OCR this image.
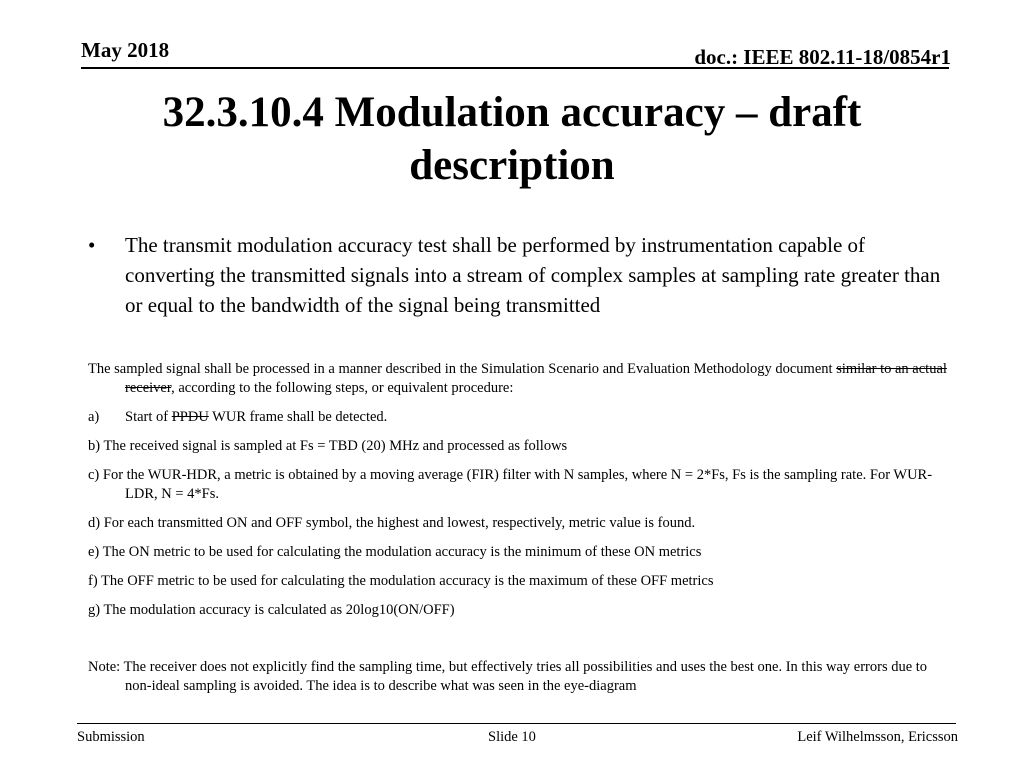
May 2018	doc.: IEEE 802.11-18/0854r1
32.3.10.4 Modulation accuracy – draft
description
• The transmit modulation accuracy test shall be performed by instrumentation capable of converting the transmitted signals into a stream of complex samples at sampling rate greater than or equal to the bandwidth of the signal being transmitted

The sampled signal shall be processed in a manner described in the Simulation Scenario and Evaluation Methodology document similar to an actual receiver, according to the following steps, or equivalent procedure:

a) Start of PPDU WUR frame shall be detected.

b) The received signal is sampled at Fs = TBD (20) MHz and processed as follows

c) For the WUR-HDR, a metric is obtained by a moving average (FIR) filter with N samples, where N = 2*Fs, Fs is the sampling rate. For WUR-LDR, N = 4*Fs.

d) For each transmitted ON and OFF symbol, the highest and lowest, respectively, metric value is found.

e) The ON metric to be used for calculating the modulation accuracy is the minimum of these ON metrics

f) The OFF metric to be used for calculating the modulation accuracy is the maximum of these OFF metrics

g) The modulation accuracy is calculated as 20log10(ON/OFF)

Note: The receiver does not explicitly find the sampling time, but effectively tries all possibilities and uses the best one. In this way errors due to non-ideal sampling is avoided. The idea is to describe what was seen in the eye-diagram

Submission	Slide 10	Leif Wilhelmsson, Ericsson
